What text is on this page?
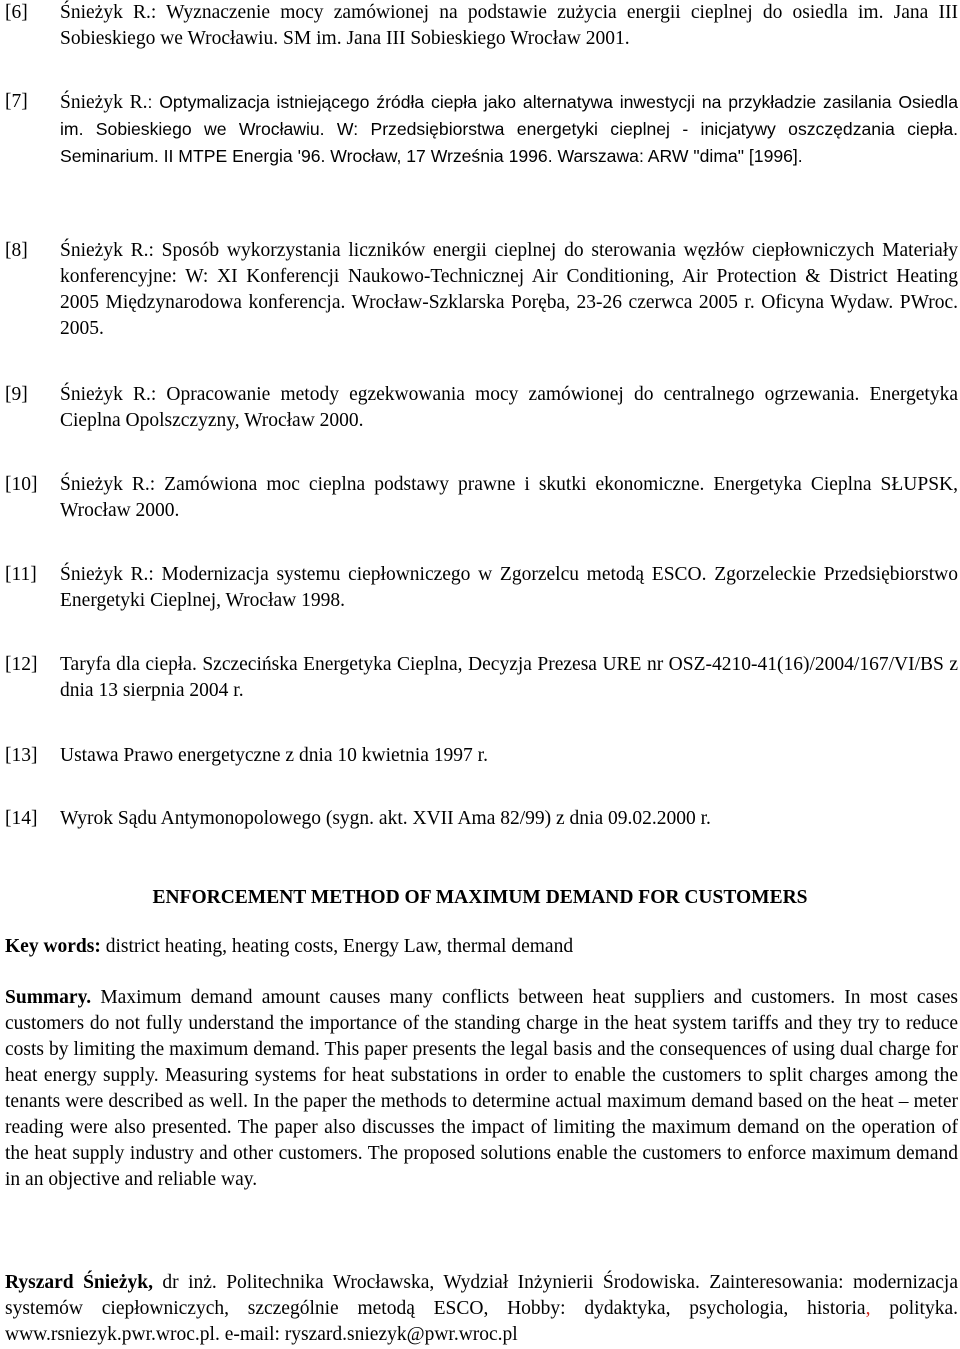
[6] Śnieżyk R.: Wyznaczenie mocy zamówionej na podstawie zużycia energii cieplnej do osiedla im. Jana III Sobieskiego we Wrocławiu. SM im. Jana III Sobieskiego Wrocław 2001.
[7] Śnieżyk R.: Optymalizacja istniejącego źródła ciepła jako alternatywa inwestycji na przykładzie zasilania Osiedla im. Sobieskiego we Wrocławiu. W: Przedsiębiorstwa energetyki cieplnej - inicjatywy oszczędzania ciepła. Seminarium. II MTPE Energia '96. Wrocław, 17 Września 1996. Warszawa: ARW "dima" [1996].
[8] Śnieżyk R.: Sposób wykorzystania liczników energii cieplnej do sterowania węzłów ciepłowniczych Materiały konferencyjne: W: XI Konferencji Naukowo-Technicznej Air Conditioning, Air Protection & District Heating 2005 Międzynarodowa konferencja. Wrocław-Szklarska Poręba, 23-26 czerwca 2005 r. Oficyna Wydaw. PWroc. 2005.
[9] Śnieżyk R.: Opracowanie metody egzekwowania mocy zamówionej do centralnego ogrzewania. Energetyka Cieplna Opolszczyzny, Wrocław 2000.
[10] Śnieżyk R.: Zamówiona moc cieplna podstawy prawne i skutki ekonomiczne. Energetyka Cieplna SŁUPSK, Wrocław 2000.
[11] Śnieżyk R.: Modernizacja systemu ciepłowniczego w Zgorzelcu metodą ESCO. Zgorzeleckie Przedsiębiorstwo Energetyki Cieplnej, Wrocław 1998.
[12] Taryfa dla ciepła. Szczecińska Energetyka Cieplna, Decyzja Prezesa URE nr OSZ-4210-41(16)/2004/167/VI/BS z dnia 13 sierpnia 2004 r.
[13] Ustawa Prawo energetyczne z dnia 10 kwietnia 1997 r.
[14] Wyrok Sądu Antymonopolowego (sygn. akt. XVII Ama 82/99) z dnia 09.02.2000 r.
ENFORCEMENT METHOD OF MAXIMUM DEMAND FOR CUSTOMERS
Key words: district heating, heating costs, Energy Law, thermal demand
Summary. Maximum demand amount causes many conflicts between heat suppliers and customers. In most cases customers do not fully understand the importance of the standing charge in the heat system tariffs and they try to reduce costs by limiting the maximum demand. This paper presents the legal basis and the consequences of using dual charge for heat energy supply. Measuring systems for heat substations in order to enable the customers to split charges among the tenants were described as well. In the paper the methods to determine actual maximum demand based on the heat – meter reading were also presented. The paper also discusses the impact of limiting the maximum demand on the operation of the heat supply industry and other customers. The proposed solutions enable the customers to enforce maximum demand in an objective and reliable way.
Ryszard Śnieżyk, dr inż. Politechnika Wrocławska, Wydział Inżynierii Środowiska. Zainteresowania: modernizacja systemów ciepłowniczych, szczególnie metodą ESCO, Hobby: dydaktyka, psychologia, historia, polityka. www.rsniezyk.pwr.wroc.pl. e-mail: ryszard.sniezyk@pwr.wroc.pl
